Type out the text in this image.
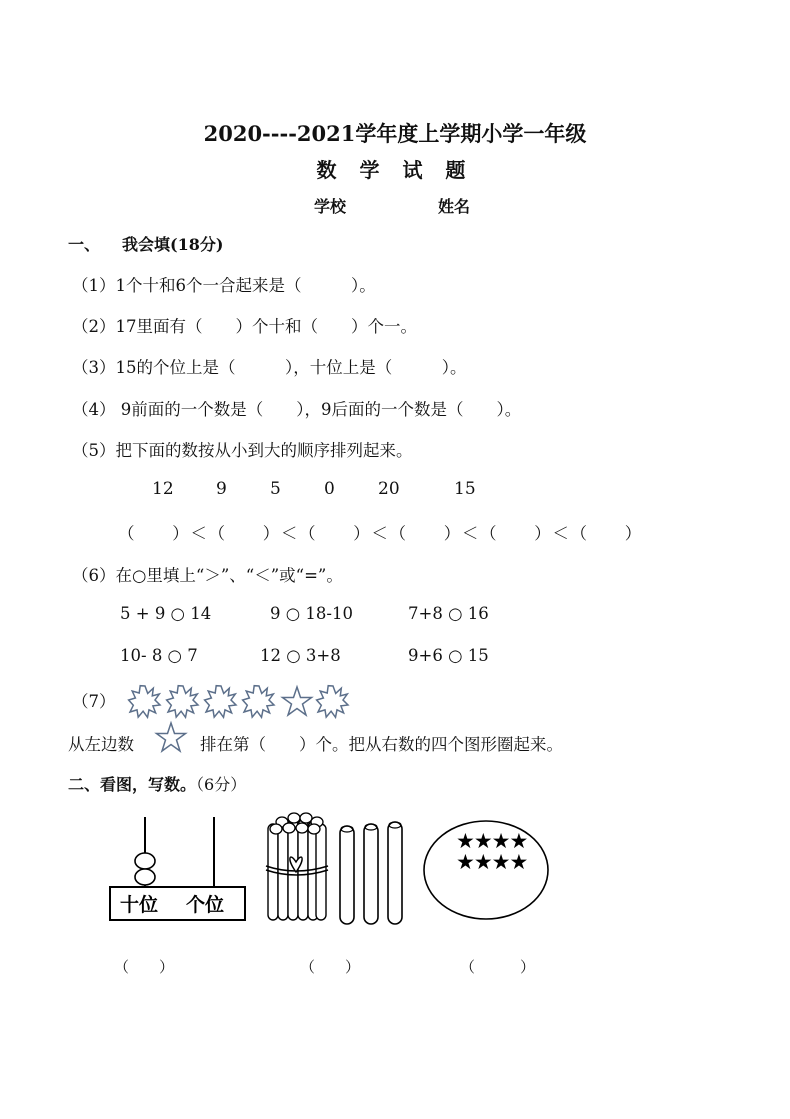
2020----2021学年度上学期小学一年级
数 学 试 题
学校	姓名
一、 我会填(18分)
（1）1个十和6个一合起来是（　　　）。
（2）17里面有（　　）个十和（　　）个一。
（3）15的个位上是（　　　），十位上是（　　　）。
（4） 9前面的一个数是（　　），9后面的一个数是（　　）。
（5）把下面的数按从小到大的顺序排列起来。
12 9	5	0	20	15
（　　）＜（　　）＜（　　）＜（　　）＜（　　）＜（　　）
（6）在○里填上“＞”、“＜”或“=”。
5 + 9 ○ 14	9 ○ 18-10	7+8 ○ 16
10- 8 ○ 7	12 ○ 3+8	9+6 ○ 15
（7）
从左边数	排在第（　　）个。把从右数的四个图形圈起来。
二、看图，写数。（6分）
十位 个位
★★★★
★★★★
（　　）	（　　）	（　　　）
